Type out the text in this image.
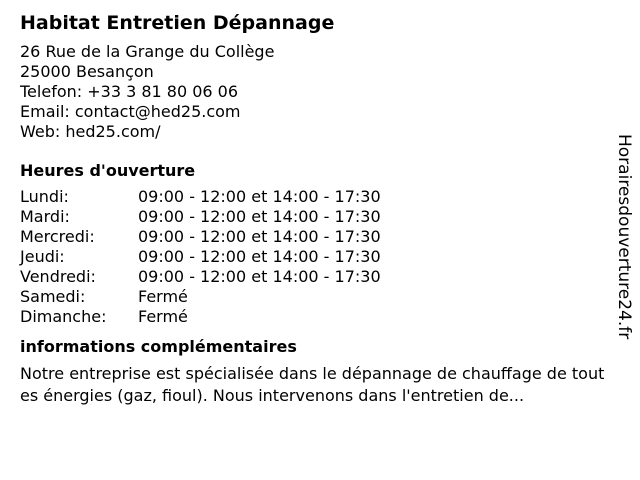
Habitat Entretien Dépannage
26 Rue de la Grange du Collège
25000 Besançon
Telefon: +33 3 81 80 06 06
Email: contact@hed25.com
Web: hed25.com/
Heures d'ouverture
Lundi:	09:00 - 12:00 et 14:00 - 17:30
Mardi:	09:00 - 12:00 et 14:00 - 17:30
Mercredi:	09:00 - 12:00 et 14:00 - 17:30
Jeudi:	09:00 - 12:00 et 14:00 - 17:30
Vendredi:	09:00 - 12:00 et 14:00 - 17:30
Samedi:	Fermé
Dimanche:	Fermé
informations complémentaires
Notre entreprise est spécialisée dans le dépannage de chauffage de toutes énergies (gaz, fioul). Nous intervenons dans l'entretien de...
Horairesdouverture24.fr
